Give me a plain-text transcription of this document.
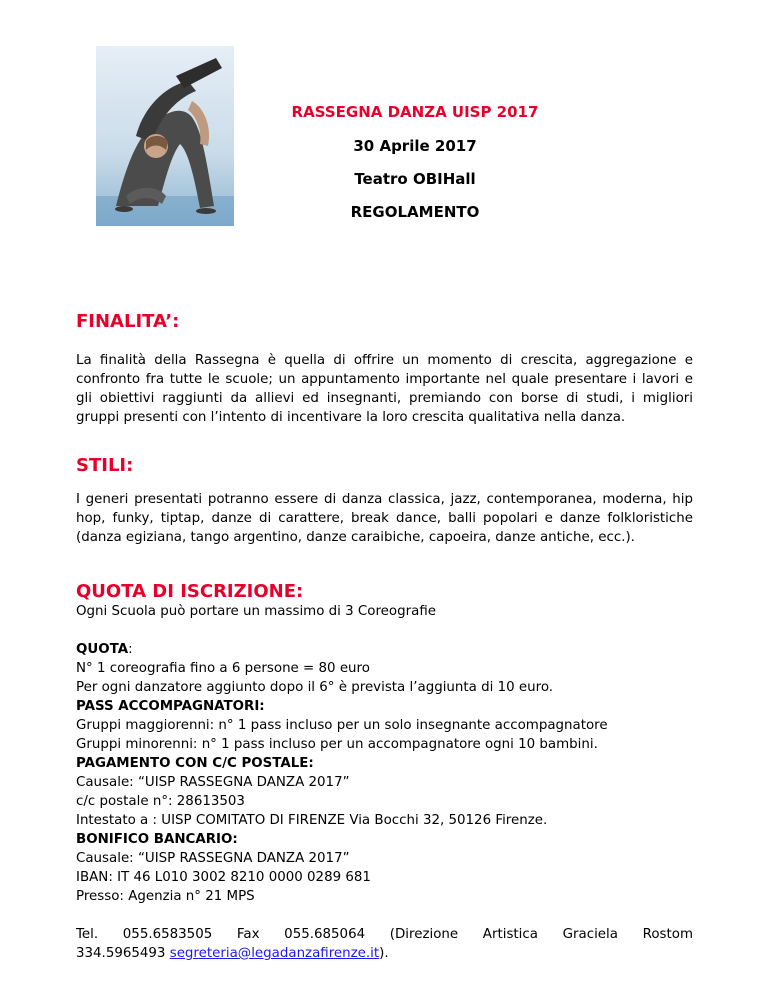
RASSEGNA DANZA UISP 2017

30 Aprile 2017

Teatro OBIHall

REGOLAMENTO

FINALITA’:

La finalità della Rassegna è quella di offrire un momento di crescita, aggregazione e confronto fra tutte le scuole; un appuntamento importante nel quale presentare i lavori e gli obiettivi raggiunti da allievi ed insegnanti, premiando con borse di studi, i migliori gruppi presenti con l’intento di incentivare la loro crescita qualitativa nella danza.

STILI:

I generi presentati potranno essere di danza classica, jazz, contemporanea, moderna, hip hop, funky, tiptap, danze di carattere, break dance, balli popolari e danze folkloristiche (danza egiziana, tango argentino, danze caraibiche, capoeira, danze antiche, ecc.).

QUOTA DI ISCRIZIONE:

Ogni Scuola può portare un massimo di 3 Coreografie

QUOTA:

N° 1 coreografia fino a 6 persone = 80 euro

Per ogni danzatore aggiunto dopo il 6° è prevista l’aggiunta di 10 euro.

PASS ACCOMPAGNATORI:

Gruppi maggiorenni: n° 1 pass incluso per un solo insegnante accompagnatore

Gruppi minorenni: n° 1 pass incluso per un accompagnatore ogni 10 bambini.

PAGAMENTO CON C/C POSTALE:

Causale: “UISP RASSEGNA DANZA 2017”

c/c postale n°: 28613503

Intestato a : UISP COMITATO DI FIRENZE Via Bocchi 32, 50126 Firenze.

BONIFICO BANCARIO:

Causale: “UISP RASSEGNA DANZA 2017”

IBAN: IT 46 L010 3002 8210 0000 0289 681

Presso: Agenzia n° 21 MPS

Tel. 055.6583505 Fax 055.685064 (Direzione Artistica Graciela Rostom

334.5965493 segreteria@legadanzafirenze.it).
